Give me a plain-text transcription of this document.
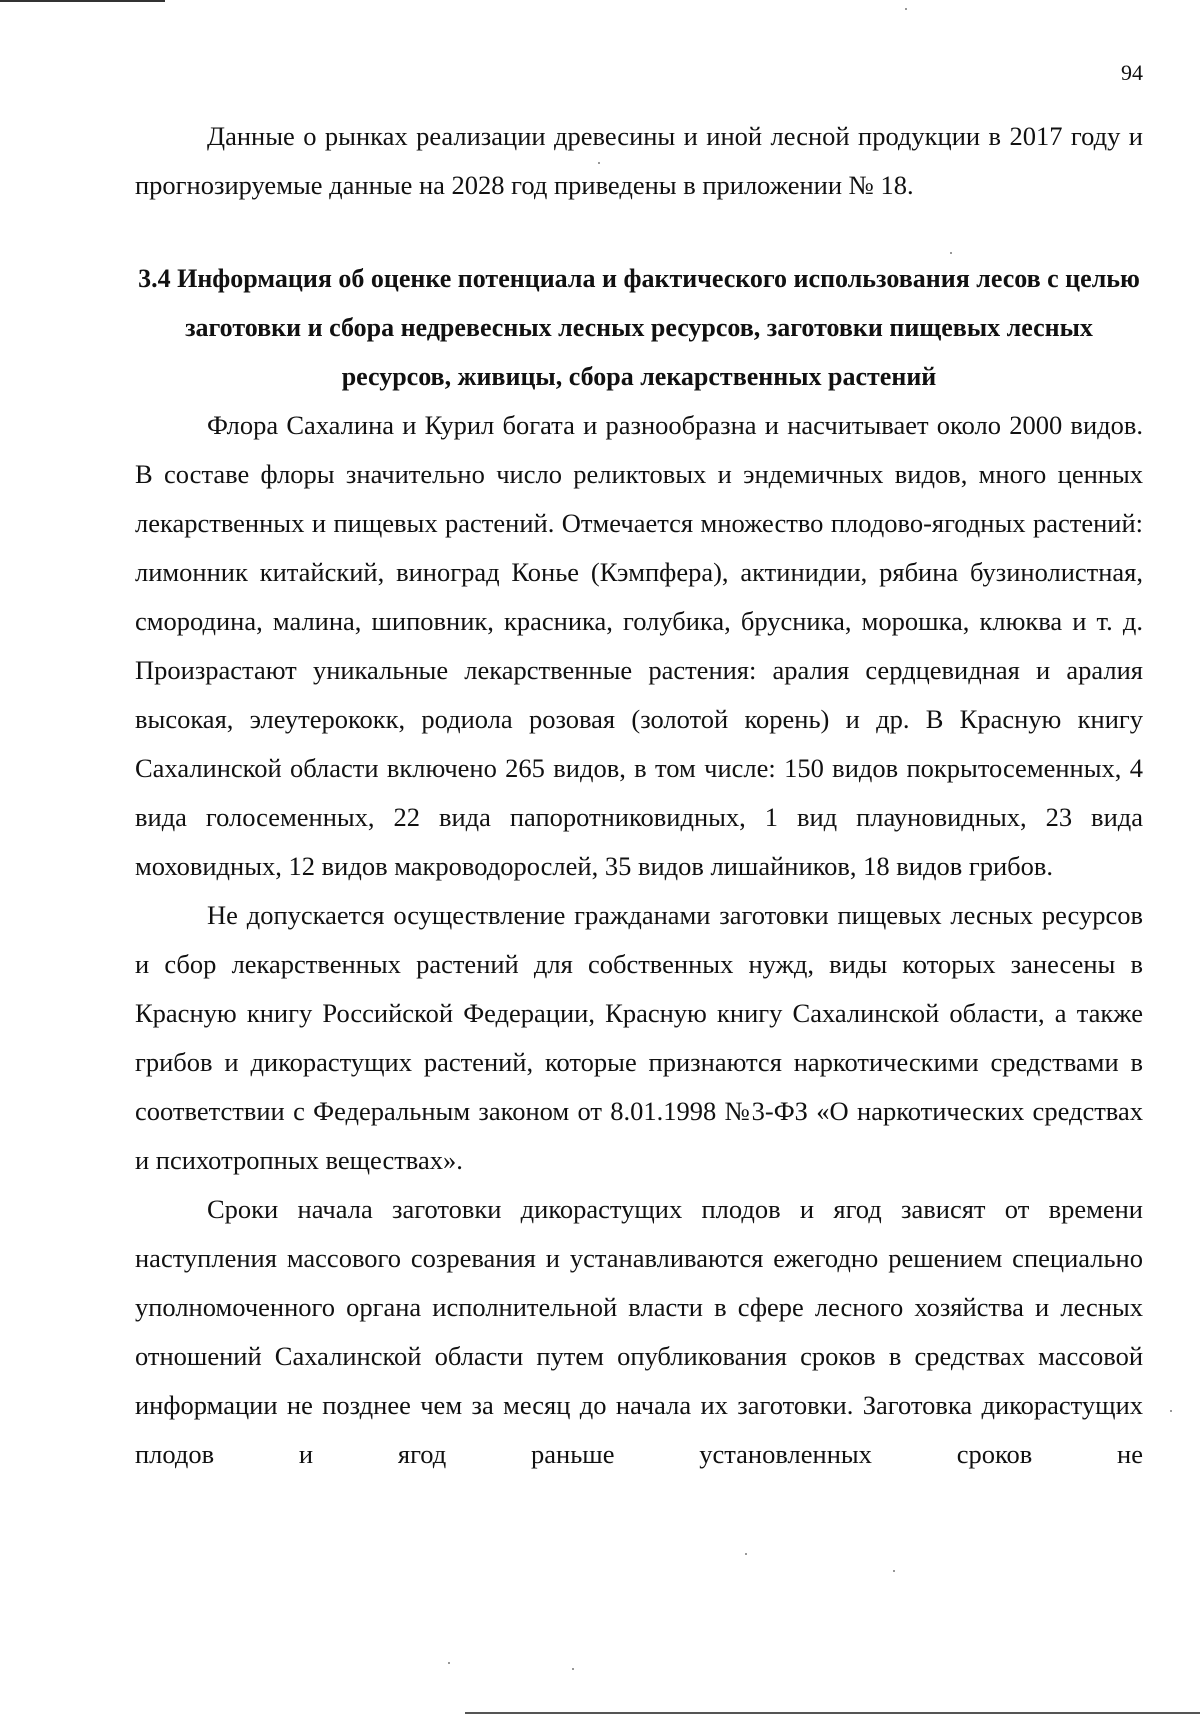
94

Данные о рынках реализации древесины и иной лесной продукции в 2017 году и прогнозируемые данные на 2028 год приведены в приложении № 18.

3.4 Информация об оценке потенциала и фактического использования лесов с целью заготовки и сбора недревесных лесных ресурсов, заготовки пищевых лесных ресурсов, живицы, сбора лекарственных растений

Флора Сахалина и Курил богата и разнообразна и насчитывает около 2000 видов. В составе флоры значительно число реликтовых и эндемичных видов, много ценных лекарственных и пищевых растений. Отмечается множество плодово-ягодных растений: лимонник китайский, виноград Конье (Кэмпфера), актинидии, рябина бузинолистная, смородина, малина, шиповник, красника, голубика, брусника, морошка, клюква и т. д. Произрастают уникальные лекарственные растения: аралия сердцевидная и аралия высокая, элеутерококк, родиола розовая (золотой корень) и др. В Красную книгу Сахалинской области включено 265 видов, в том числе: 150 видов покрытосеменных, 4 вида голосеменных, 22 вида папоротниковидных, 1 вид плауновидных, 23 вида моховидных, 12 видов макроводорослей, 35 видов лишайников, 18 видов грибов.

Не допускается осуществление гражданами заготовки пищевых лесных ресурсов и сбор лекарственных растений для собственных нужд, виды которых занесены в Красную книгу Российской Федерации, Красную книгу Сахалинской области, а также грибов и дикорастущих растений, которые признаются наркотическими средствами в соответствии с Федеральным законом от 8.01.1998 №3-ФЗ «О наркотических средствах и психотропных веществах».

Сроки начала заготовки дикорастущих плодов и ягод зависят от времени наступления массового созревания и устанавливаются ежегодно решением специально уполномоченного органа исполнительной власти в сфере лесного хозяйства и лесных отношений Сахалинской области путем опубликования сроков в средствах массовой информации не позднее чем за месяц до начала их заготовки. Заготовка дикорастущих плодов и ягод раньше установленных сроков не
